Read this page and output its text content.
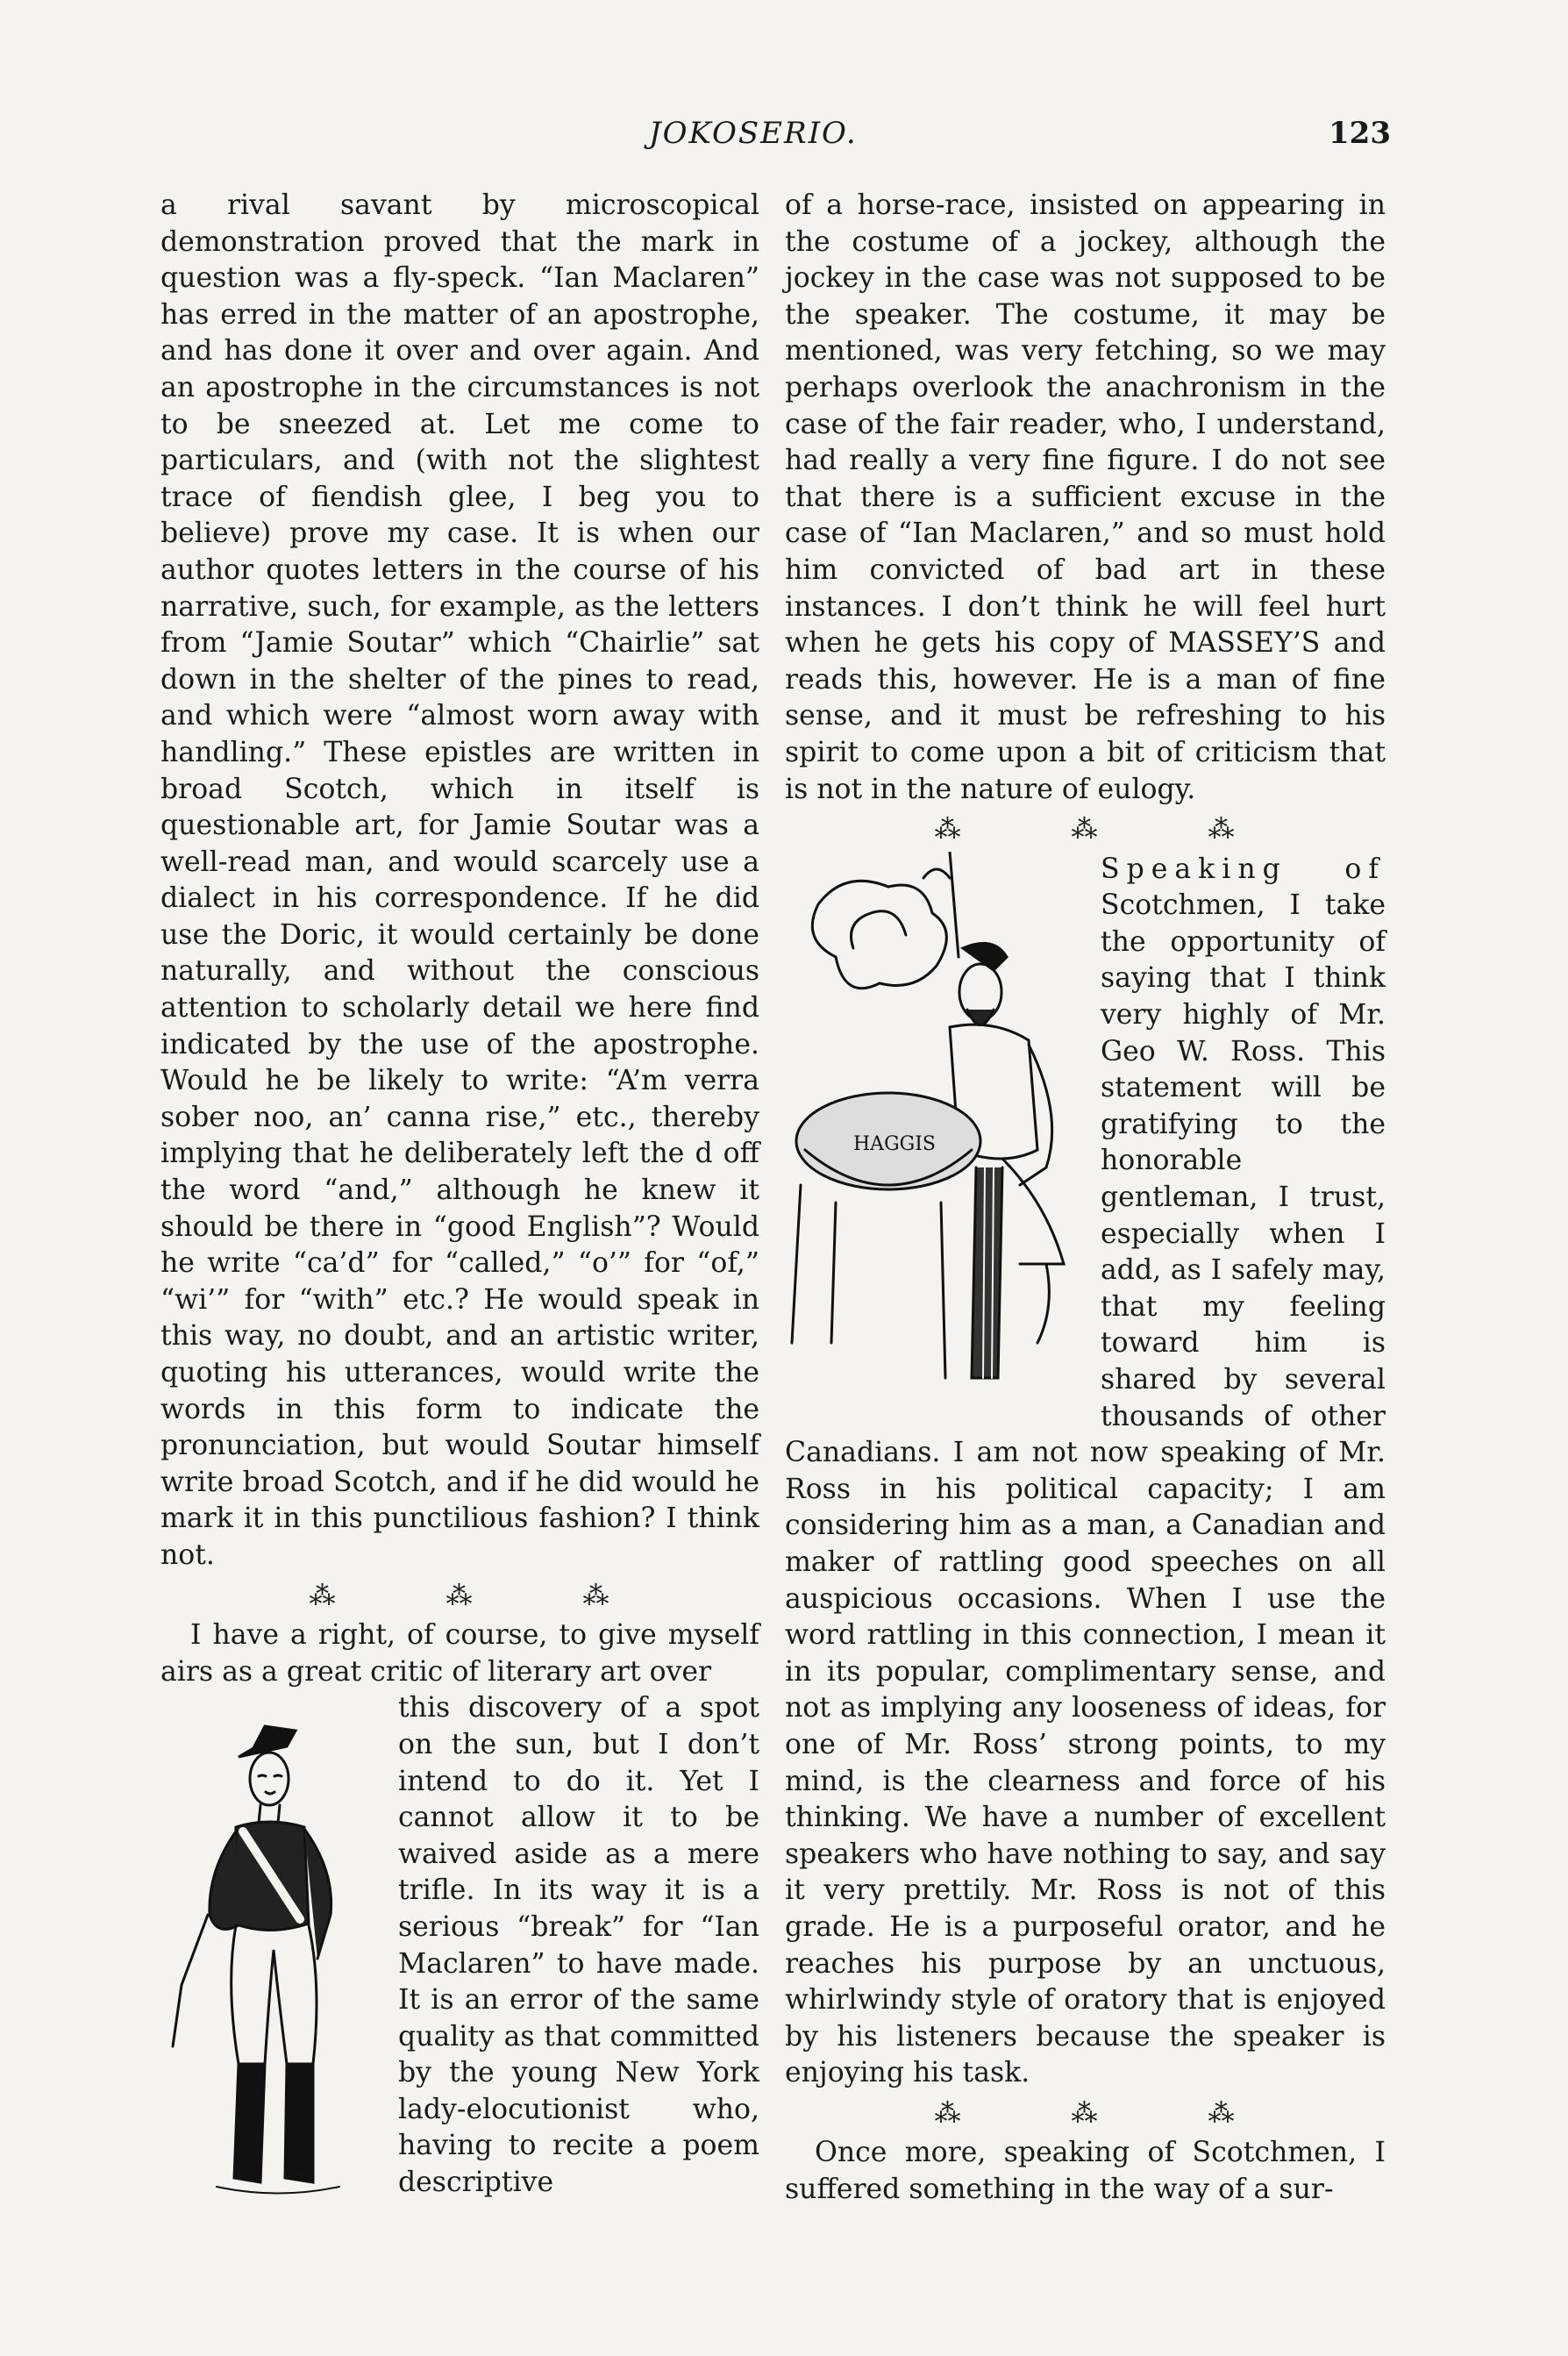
JOKOSERIO.	123

a rival savant by microscopical demonstration proved that the mark in question was a fly-speck. “Ian Maclaren” has erred in the matter of an apostrophe, and has done it over and over again. And an apostrophe in the circumstances is not to be sneezed at. Let me come to particulars, and (with not the slightest trace of fiendish glee, I beg you to believe) prove my case. It is when our author quotes letters in the course of his narrative, such, for example, as the letters from “Jamie Soutar” which “Chairlie” sat down in the shelter of the pines to read, and which were “almost worn away with handling.” These epistles are written in broad Scotch, which in itself is questionable art, for Jamie Soutar was a well-read man, and would scarcely use a dialect in his correspondence. If he did use the Doric, it would certainly be done naturally, and without the conscious attention to scholarly detail we here find indicated by the use of the apostrophe. Would he be likely to write: “A’m verra sober noo, an’ canna rise,” etc., thereby implying that he deliberately left the d off the word “and,” although he knew it should be there in “good English”? Would he write “ca’d” for “called,” “o’” for “of,” “wi’” for “with” etc.? He would speak in this way, no doubt, and an artistic writer, quoting his utterances, would write the words in this form to indicate the pronunciation, but would Soutar himself write broad Scotch, and if he did would he mark it in this punctilious fashion? I think not.

⁂	⁂	⁂

I have a right, of course, to give myself airs as a great critic of literary art over

this discovery of a spot on the sun, but I don’t intend to do it. Yet I cannot allow it to be waived aside as a mere trifle. In its way it is a serious “break” for “Ian Maclaren” to have made. It is an error of the same quality as that committed by the young New York lady-elocutionist who, having to recite a poem descriptive

of a horse-race, insisted on appearing in the costume of a jockey, although the jockey in the case was not supposed to be the speaker. The costume, it may be mentioned, was very fetching, so we may perhaps overlook the anachronism in the case of the fair reader, who, I understand, had really a very fine figure. I do not see that there is a sufficient excuse in the case of “Ian Maclaren,” and so must hold him convicted of bad art in these instances. I don’t think he will feel hurt when he gets his copy of MASSEY’S and reads this, however. He is a man of fine sense, and it must be refreshing to his spirit to come upon a bit of criticism that is not in the nature of eulogy.

⁂	⁂	⁂
HAGGIS

Speaking of Scotchmen, I take the opportunity of saying that I think very highly of Mr. Geo W. Ross. This statement will be gratifying to the honorable gentleman, I trust, especially when I add, as I safely may, that my feeling toward him is shared by several thousands of other Canadians. I am not now speaking of Mr. Ross in his political capacity; I am considering him as a man, a Canadian and maker of rattling good speeches on all auspicious occasions. When I use the word rattling in this connection, I mean it in its popular, complimentary sense, and not as implying any looseness of ideas, for one of Mr. Ross’ strong points, to my mind, is the clearness and force of his thinking. We have a number of excellent speakers who have nothing to say, and say it very prettily. Mr. Ross is not of this grade. He is a purposeful orator, and he reaches his purpose by an unctuous, whirlwindy style of oratory that is enjoyed by his listeners because the speaker is enjoying his task.

⁂	⁂	⁂

Once more, speaking of Scotchmen, I suffered something in the way of a sur-
